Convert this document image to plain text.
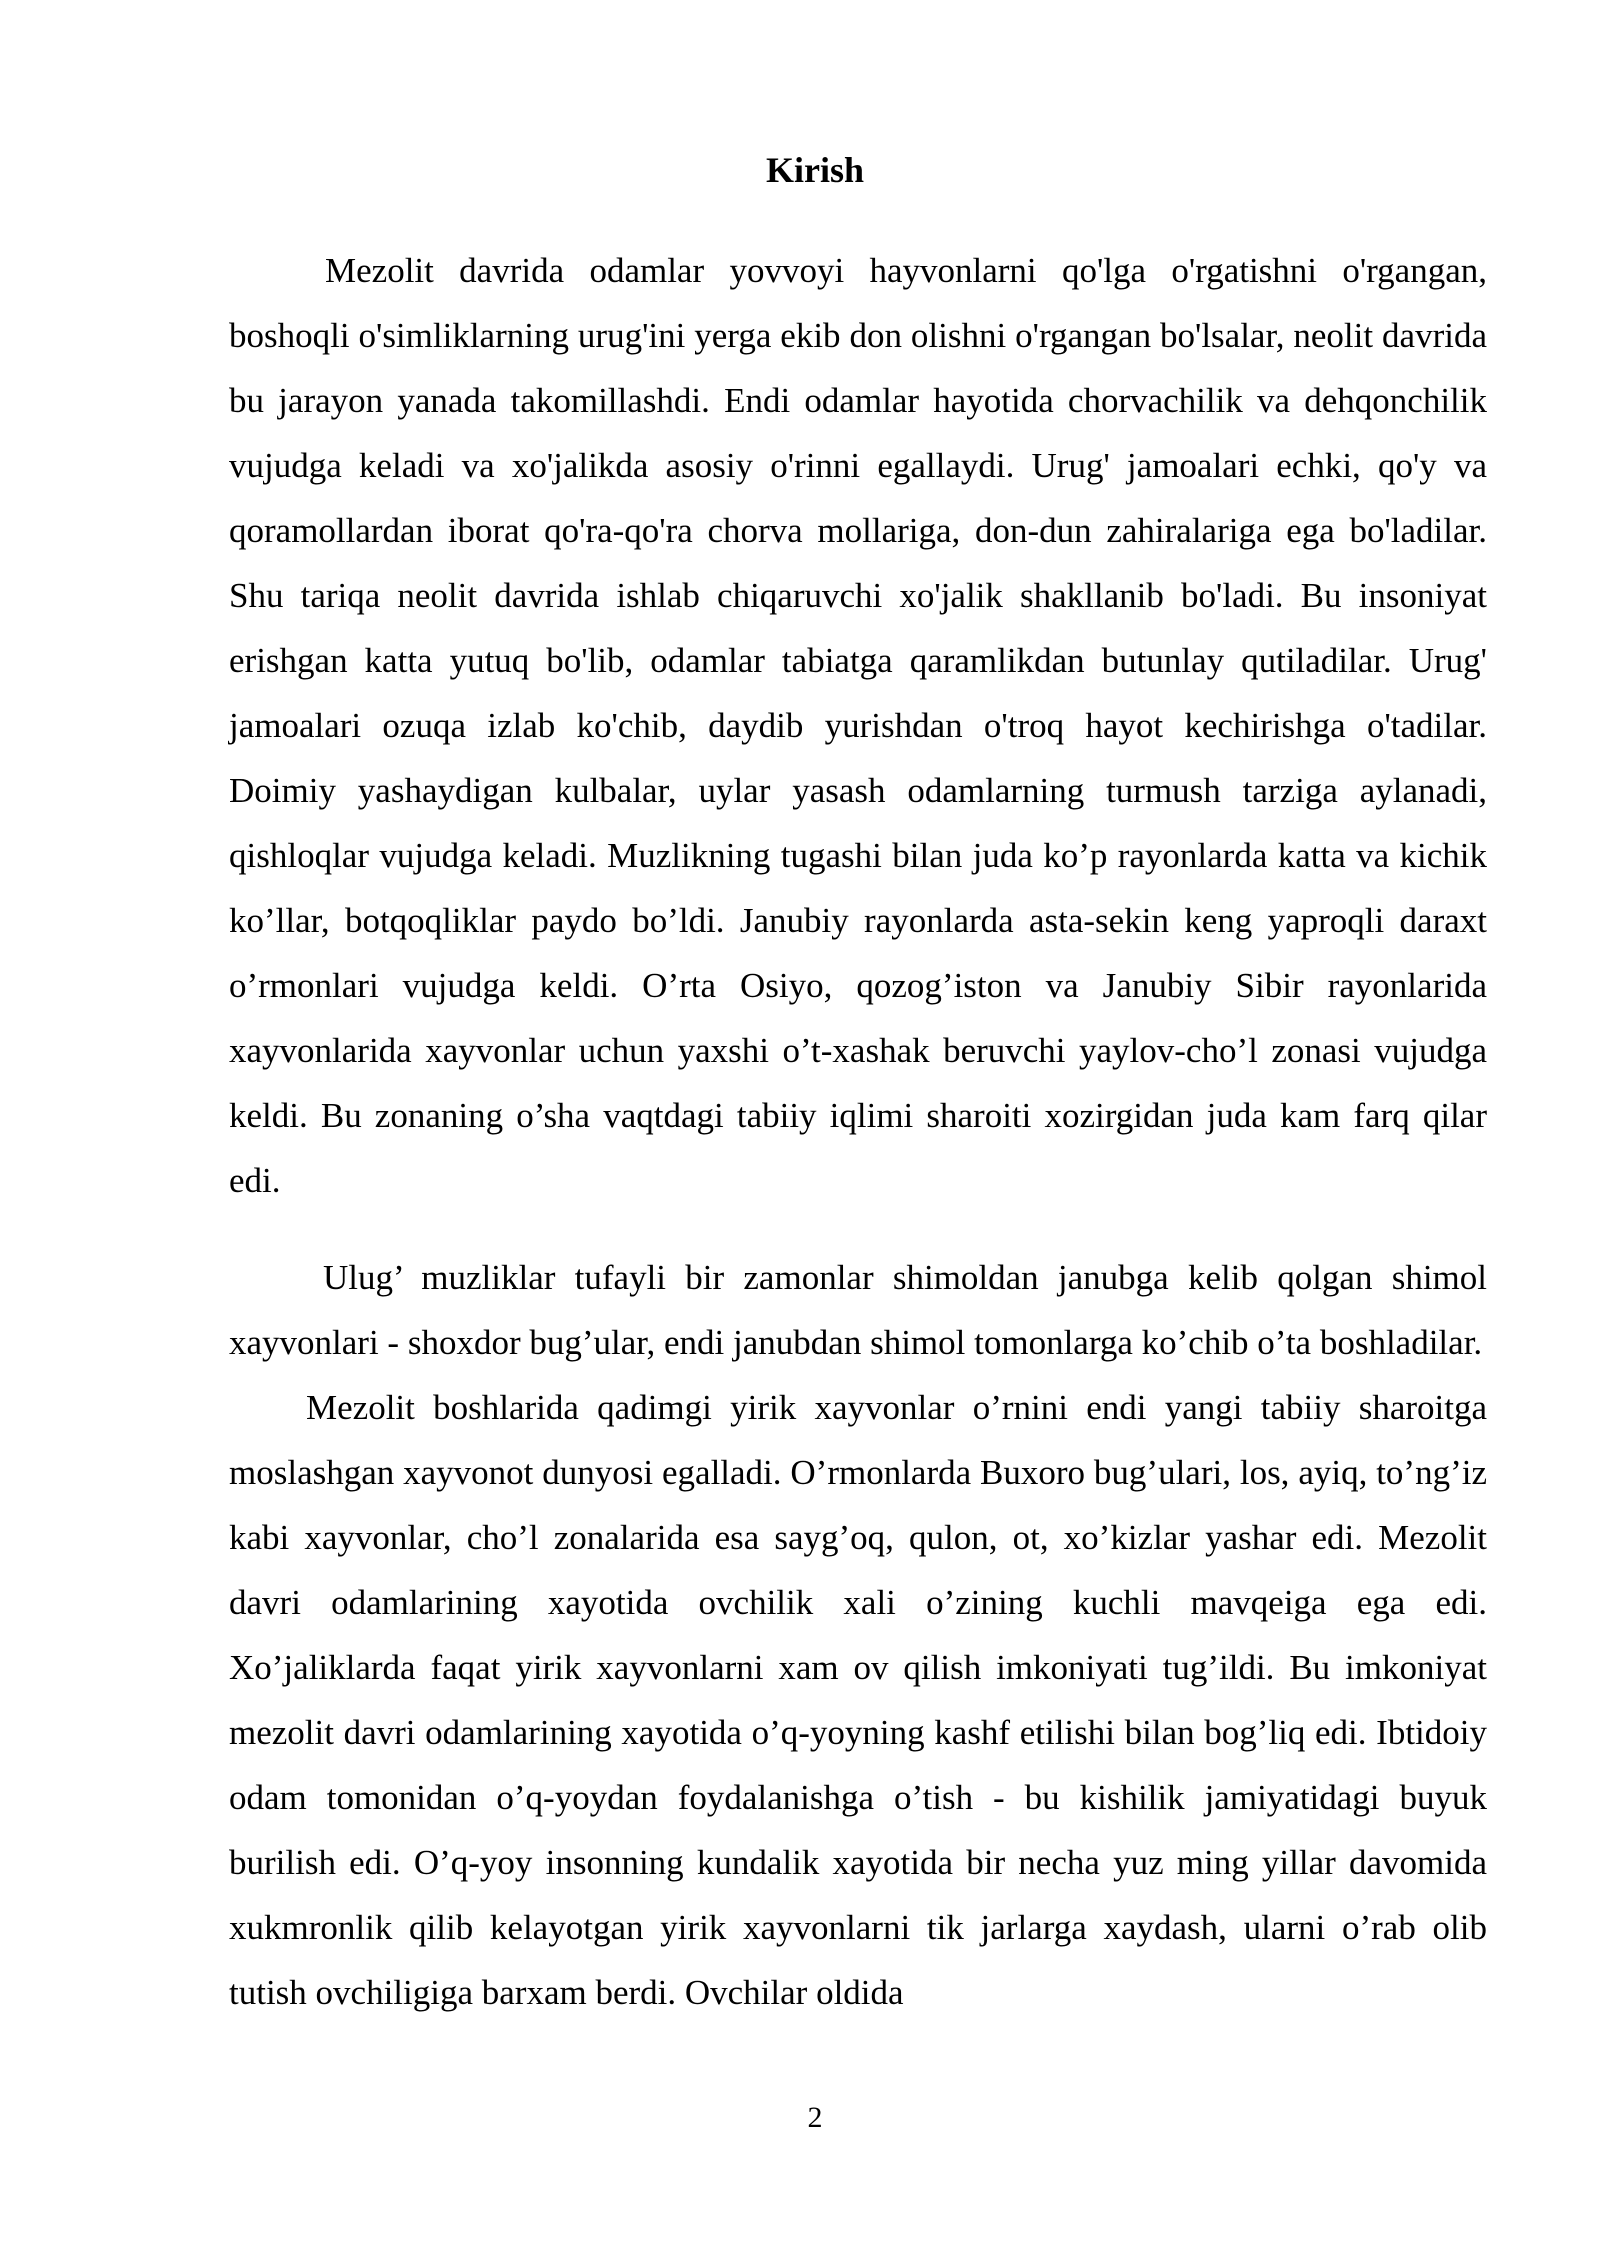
Kirish

Mezolit davrida odamlar yovvoyi hayvonlarni qo'lga o'rgatishni o'rgangan, boshoqli o'simliklarning urug'ini yerga ekib don olishni o'rgangan bo'lsalar, neolit davrida bu jarayon yanada takomillashdi. Endi odamlar hayotida chorvachilik va dehqonchilik vujudga keladi va xo'jalikda asosiy o'rinni egallaydi. Urug' jamoalari echki, qo'y va qoramollardan iborat qo'ra-qo'ra chorva mollariga, don-dun zahiralariga ega bo'ladilar. Shu tariqa neolit davrida ishlab chiqaruvchi xo'jalik shakllanib bo'ladi. Bu insoniyat erishgan katta yutuq bo'lib, odamlar tabiatga qaramlikdan butunlay qutiladilar. Urug' jamoalari ozuqa izlab ko'chib, daydib yurishdan o'troq hayot kechirishga o'tadilar. Doimiy yashaydigan kulbalar, uylar yasash odamlarning turmush tarziga aylanadi, qishloqlar vujudga keladi. Muzlikning tugashi bilan juda ko’p rayonlarda katta va kichik ko’llar, botqoqliklar paydo bo’ldi. Janubiy rayonlarda asta-sekin keng yaproqli daraxt o’rmonlari vujudga keldi. O’rta Osiyo, qozog’iston va Janubiy Sibir rayonlarida xayvonlarida xayvonlar uchun yaxshi o’t-xashak beruvchi yaylov-cho’l zonasi vujudga keldi. Bu zonaning o’sha vaqtdagi tabiiy iqlimi sharoiti xozirgidan juda kam farq qilar edi.

Ulug’ muzliklar tufayli bir zamonlar shimoldan janubga kelib qolgan shimol xayvonlari - shoxdor bug’ular, endi janubdan shimol tomonlarga ko’chib o’ta boshladilar.

Mezolit boshlarida qadimgi yirik xayvonlar o’rnini endi yangi tabiiy sharoitga moslashgan xayvonot dunyosi egalladi. O’rmonlarda Buxoro bug’ulari, los, ayiq, to’ng’iz kabi xayvonlar, cho’l zonalarida esa sayg’oq, qulon, ot, xo’kizlar yashar edi. Mezolit davri odamlarining xayotida ovchilik xali o’zining kuchli mavqeiga ega edi. Xo’jaliklarda faqat yirik xayvonlarni xam ov qilish imkoniyati tug’ildi. Bu imkoniyat mezolit davri odamlarining xayotida o’q-yoyning kashf etilishi bilan bog’liq edi. Ibtidoiy odam tomonidan o’q-yoydan foydalanishga o’tish - bu kishilik jamiyatidagi buyuk burilish edi. O’q-yoy insonning kundalik xayotida bir necha yuz ming yillar davomida xukmronlik qilib kelayotgan yirik xayvonlarni tik jarlarga xaydash, ularni o’rab olib tutish ovchiligiga barxam berdi. Ovchilar oldida

2
